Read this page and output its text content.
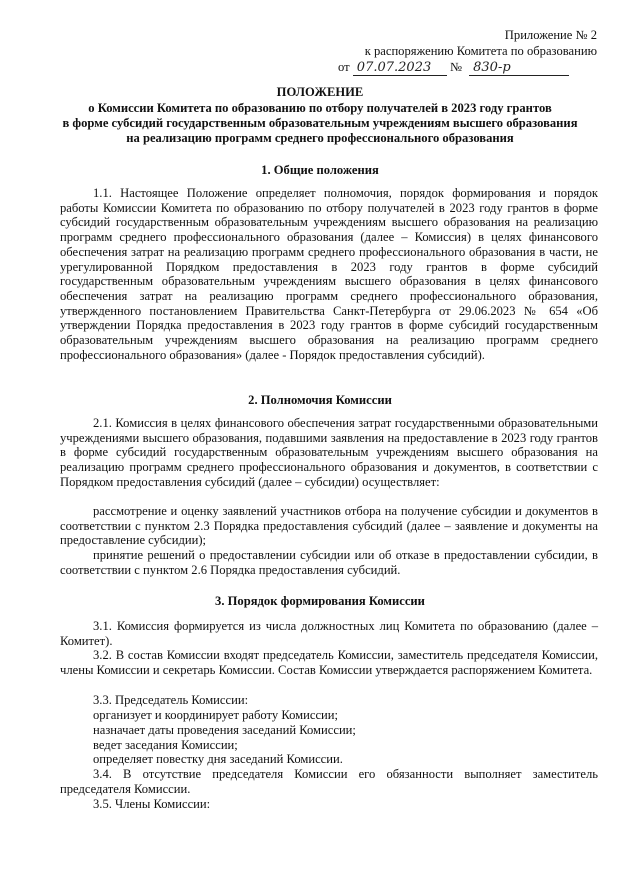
Приложение № 2
к распоряжению Комитета по образованию
от 07.07.2023 № 830-р
ПОЛОЖЕНИЕ
о Комиссии Комитета по образованию по отбору получателей в 2023 году грантов
в форме субсидий государственным образовательным учреждениям высшего образования
на реализацию программ среднего профессионального образования
1. Общие положения

1.1. Настоящее Положение определяет полномочия, порядок формирования и порядок работы Комиссии Комитета по образованию по отбору получателей в 2023 году грантов в форме субсидий государственным образовательным учреждениям высшего образования на реализацию программ среднего профессионального образования (далее – Комиссия) в целях финансового обеспечения затрат на реализацию программ среднего профессионального образования в части, не урегулированной Порядком предоставления в 2023 году грантов в форме субсидий государственным образовательным учреждениям высшего образования в целях финансового обеспечения затрат на реализацию программ среднего профессионального образования, утвержденного постановлением Правительства Санкт-Петербурга от 29.06.2023 № 654 «Об утверждении Порядка предоставления в 2023 году грантов в форме субсидий государственным образовательным учреждениям высшего образования на реализацию программ среднего профессионального образования» (далее - Порядок предоставления субсидий).

2. Полномочия Комиссии

2.1. Комиссия в целях финансового обеспечения затрат государственными образовательными учреждениями высшего образования, подавшими заявления на предоставление в 2023 году грантов в форме субсидий государственным образовательным учреждениям высшего образования на реализацию программ среднего профессионального образования и документов, в соответствии с Порядком предоставления субсидий (далее – субсидии) осуществляет:

рассмотрение и оценку заявлений участников отбора на получение субсидии и документов в соответствии с пунктом 2.3 Порядка предоставления субсидий (далее – заявление и документы на предоставление субсидии);

принятие решений о предоставлении субсидии или об отказе в предоставлении субсидии, в соответствии с пунктом 2.6 Порядка предоставления субсидий.

3. Порядок формирования Комиссии

3.1. Комиссия формируется из числа должностных лиц Комитета по образованию (далее – Комитет).

3.2. В состав Комиссии входят председатель Комиссии, заместитель председателя Комиссии, члены Комиссии и секретарь Комиссии. Состав Комиссии утверждается распоряжением Комитета.

3.3. Председатель Комиссии:

организует и координирует работу Комиссии;

назначает даты проведения заседаний Комиссии;

ведет заседания Комиссии;

определяет повестку дня заседаний Комиссии.

3.4. В отсутствие председателя Комиссии его обязанности выполняет заместитель председателя Комиссии.

3.5. Члены Комиссии:
